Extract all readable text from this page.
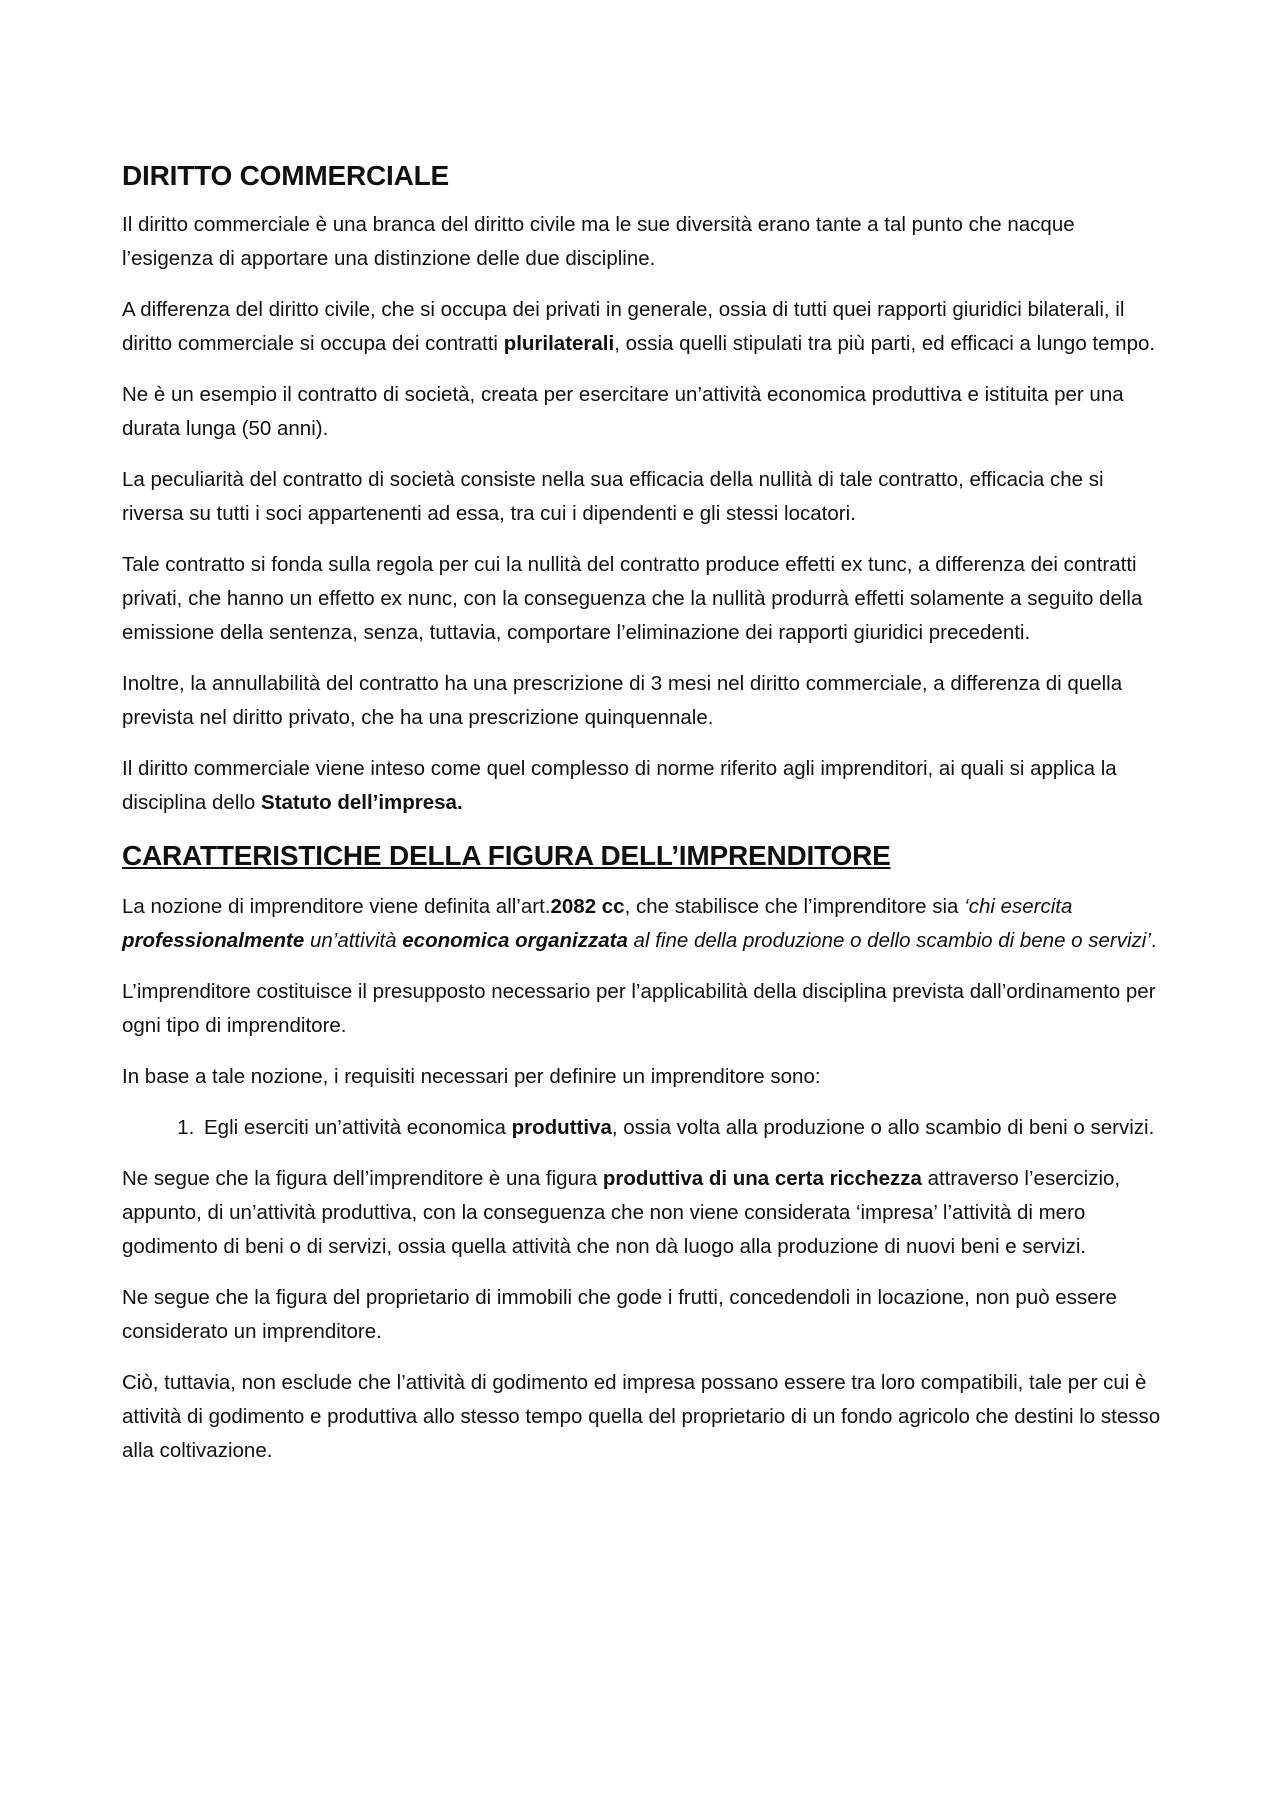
DIRITTO COMMERCIALE

Il diritto commerciale è una branca del diritto civile ma le sue diversità erano tante a tal punto che nacque l’esigenza di apportare una distinzione delle due discipline.

A differenza del diritto civile, che si occupa dei privati in generale, ossia di tutti quei rapporti giuridici bilaterali, il diritto commerciale si occupa dei contratti plurilaterali, ossia quelli stipulati tra più parti, ed efficaci a lungo tempo.

Ne è un esempio il contratto di società, creata per esercitare un’attività economica produttiva e istituita per una durata lunga (50 anni).

La peculiarità del contratto di società consiste nella sua efficacia della nullità di tale contratto, efficacia che si riversa su tutti i soci appartenenti ad essa, tra cui i dipendenti e gli stessi locatori.

Tale contratto si fonda sulla regola per cui la nullità del contratto produce effetti ex tunc, a differenza dei contratti privati, che hanno un effetto ex nunc, con la conseguenza che la nullità produrrà effetti solamente a seguito della emissione della sentenza, senza, tuttavia, comportare l’eliminazione dei rapporti giuridici precedenti.

Inoltre, la annullabilità del contratto ha una prescrizione di 3 mesi nel diritto commerciale, a differenza di quella prevista nel diritto privato, che ha una prescrizione quinquennale.

Il diritto commerciale viene inteso come quel complesso di norme riferito agli imprenditori, ai quali si applica la disciplina dello Statuto dell’impresa.

CARATTERISTICHE DELLA FIGURA DELL’IMPRENDITORE

La nozione di imprenditore viene definita all’art.2082 cc, che stabilisce che l’imprenditore sia ‘chi esercita professionalmente un’attività economica organizzata al fine della produzione o dello scambio di bene o servizi’.

L’imprenditore costituisce il presupposto necessario per l’applicabilità della disciplina prevista dall’ordinamento per ogni tipo di imprenditore.

In base a tale nozione, i requisiti necessari per definire un imprenditore sono:

1. Egli eserciti un’attività economica produttiva, ossia volta alla produzione o allo scambio di beni o servizi.

Ne segue che la figura dell’imprenditore è una figura produttiva di una certa ricchezza attraverso l’esercizio, appunto, di un’attività produttiva, con la conseguenza che non viene considerata ‘impresa’ l’attività di mero godimento di beni o di servizi, ossia quella attività che non dà luogo alla produzione di nuovi beni e servizi.

Ne segue che la figura del proprietario di immobili che gode i frutti, concedendoli in locazione, non può essere considerato un imprenditore.

Ciò, tuttavia, non esclude che l’attività di godimento ed impresa possano essere tra loro compatibili, tale per cui è attività di godimento e produttiva allo stesso tempo quella del proprietario di un fondo agricolo che destini lo stesso alla coltivazione.
